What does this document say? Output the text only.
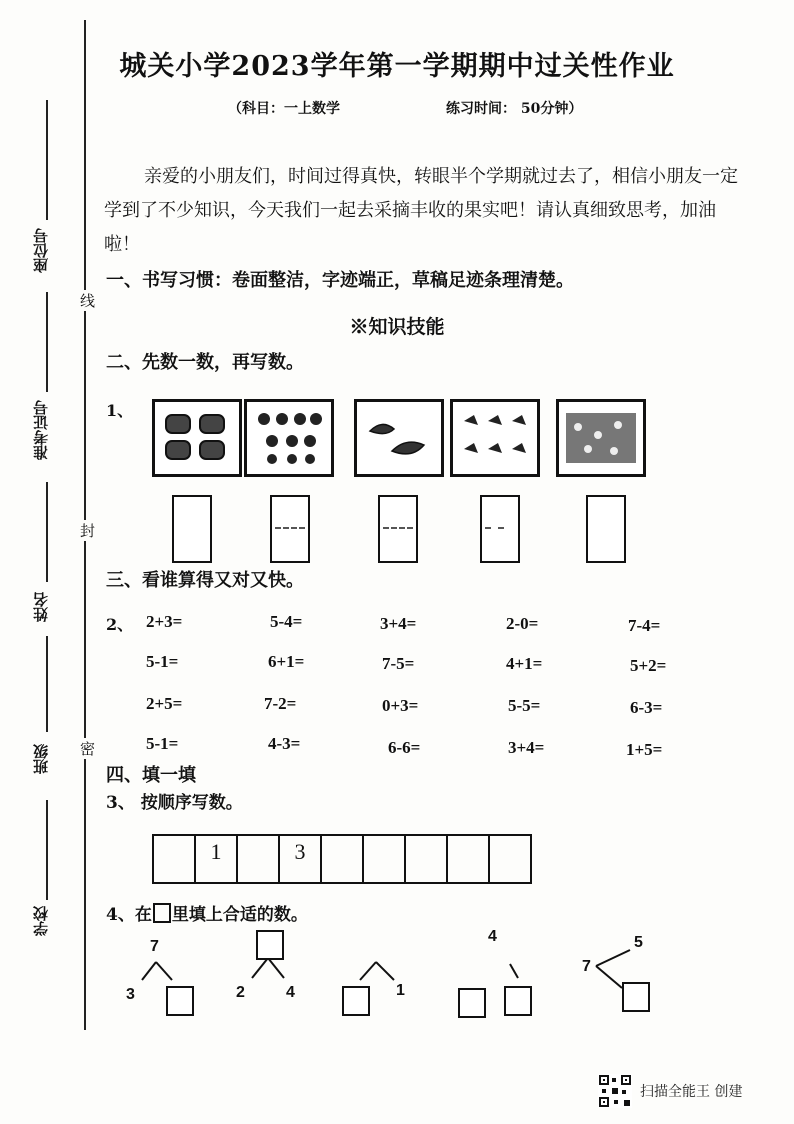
座位号
准考证号
姓名
班级
学校
线
封
密
城关小学2023学年第一学期期中过关性作业
（科目：一上数学	练习时间： 50分钟）
亲爱的小朋友们，时间过得真快，转眼半个学期就过去了，相信小朋友一定学到了不少知识，今天我们一起去采摘丰收的果实吧！请认真细致思考，加油啦！
一、书写习惯：卷面整洁，字迹端正，草稿足迹条理清楚。
※知识技能
二、先数一数，再写数。
1、
三、看谁算得又对又快。
2、 2+3=	5-4=	3+4=	2-0=	7-4=
5-1=	6+1=	7-5=	4+1=	5+2=
2+5=	7-2=	0+3=	5-5=	6-3=
5-1=	4-3=	6-6=	3+4=	1+5=
四、填一填
3、 按顺序写数。
1	3
4、在 里填上合适的数。
7
3	2	4	1
4	5
7
扫描全能王 创建
